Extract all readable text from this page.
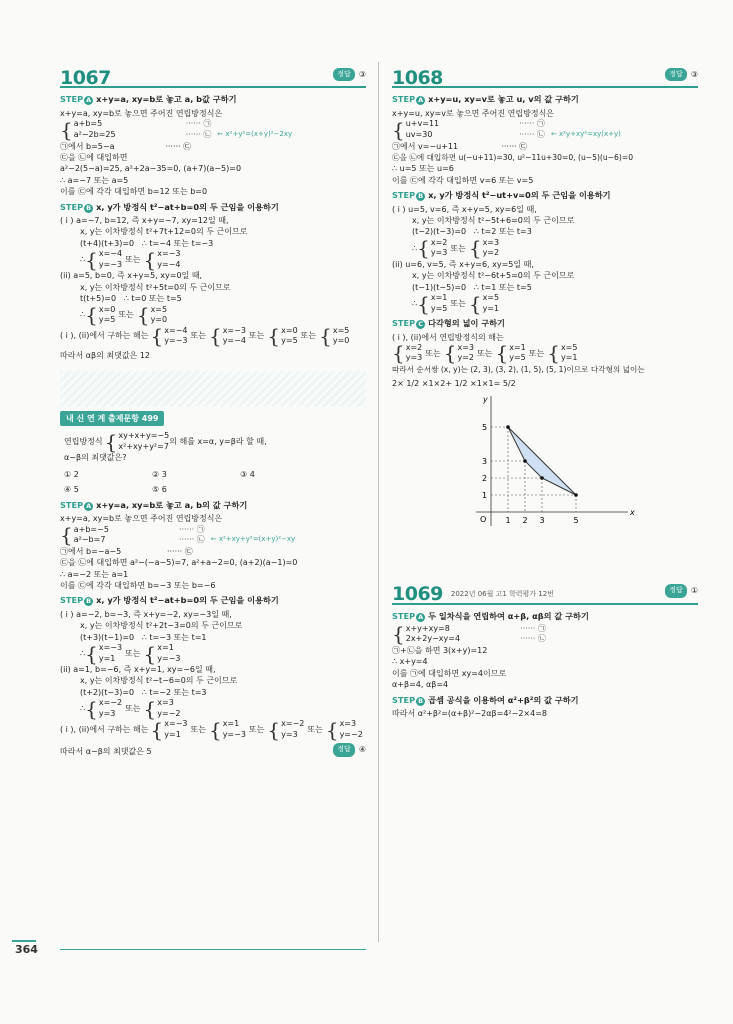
1067	정답	③
STEP A x+y=a, xy=b로 놓고 a, b값 구하기
x+y=a, xy=b로 놓으면 주어진 연립방정식은
{ a+b=5
a²−2b=25
······ ㉠
······ ㉡ ← x²+y²=(x+y)²−2xy
㉠에서 b=5−a                    ······ ㉢
㉢을 ㉡에 대입하면
a²−2(5−a)=25, a²+2a−35=0, (a+7)(a−5)=0
∴ a=−7 또는 a=5
이를 ㉢에 각각 대입하면 b=12 또는 b=0
STEP B x, y가 방정식 t²−at+b=0의 두 근임을 이용하기
( i ) a=−7, b=12, 즉 x+y=−7, xy=12일 때,
x, y는 이차방정식 t²+7t+12=0의 두 근이므로
(t+4)(t+3)=0   ∴ t=−4 또는 t=−3
∴ { x=−4
y=−3
또는 { x=−3
y=−4
(ii) a=5, b=0, 즉 x+y=5, xy=0일 때,
x, y는 이차방정식 t²+5t=0의 두 근이므로
t(t+5)=0   ∴ t=0 또는 t=5
∴ { x=0
y=5
또는 { x=5
y=0
( i ), (ii)에서 구하는 해는 { x=−4
y=−3
또는 { x=−3
y=−4
또는 { x=0
y=5
또는 { x=5
y=0
따라서 αβ의 최댓값은 12
내 신 연 계 출제문항 499
연립방정식 { xy+x+y=−5
x²+xy+y²=7
의 해를 x=α, y=β라 할 때,
α−β의 최댓값은?
① 2	② 3	③ 4
④ 5	⑤ 6
STEP A x+y=a, xy=b로 놓고 a, b의 값 구하기
x+y=a, xy=b로 놓으면 주어진 연립방정식은
{ a+b=−5
a²−b=7
······ ㉠
······ ㉡ ← x²+xy+y²=(x+y)²−xy
㉠에서 b=−a−5                  ······ ㉢
㉢을 ㉡에 대입하면 a²−(−a−5)=7, a²+a−2=0, (a+2)(a−1)=0
∴ a=−2 또는 a=1
이를 ㉢에 각각 대입하면 b=−3 또는 b=−6
STEP B x, y가 방정식 t²−at+b=0의 두 근임을 이용하기
( i ) a=−2, b=−3, 즉 x+y=−2, xy=−3일 때,
x, y는 이차방정식 t²+2t−3=0의 두 근이므로
(t+3)(t−1)=0   ∴ t=−3 또는 t=1
∴ { x=−3
y=1
또는 { x=1
y=−3
(ii) a=1, b=−6, 즉 x+y=1, xy=−6일 때,
x, y는 이차방정식 t²−t−6=0의 두 근이므로
(t+2)(t−3)=0   ∴ t=−2 또는 t=3
∴ { x=−2
y=3
또는 { x=3
y=−2
( i ), (ii)에서 구하는 해는 { x=−3
y=1
또는 { x=1
y=−3
또는 { x=−2
y=3
또는 { x=3
y=−2
따라서 α−β의 최댓값은 5	정답	④
1068	정답	③
STEP A x+y=u, xy=v로 놓고 u, v의 값 구하기
x+y=u, xy=v로 놓으면 주어진 연립방정식은
{ u+v=11
uv=30
······ ㉠
······ ㉡ ← x²y+xy²=xy(x+y)
㉠에서 v=−u+11                 ······ ㉢
㉢을 ㉡에 대입하면 u(−u+11)=30, u²−11u+30=0, (u−5)(u−6)=0
∴ u=5 또는 u=6
이를 ㉢에 각각 대입하면 v=6 또는 v=5
STEP B x, y가 방정식 t²−ut+v=0의 두 근임을 이용하기
( i ) u=5, v=6, 즉 x+y=5, xy=6일 때,
x, y는 이차방정식 t²−5t+6=0의 두 근이므로
(t−2)(t−3)=0   ∴ t=2 또는 t=3
∴ { x=2
y=3
또는 { x=3
y=2
(ii) u=6, v=5, 즉 x+y=6, xy=5일 때,
x, y는 이차방정식 t²−6t+5=0의 두 근이므로
(t−1)(t−5)=0   ∴ t=1 또는 t=5
∴ { x=1
y=5
또는 { x=5
y=1
STEP C 다각형의 넓이 구하기
( i ), (ii)에서 연립방정식의 해는
{ x=2
y=3
또는 { x=3
y=2
또는 { x=1
y=5
또는 { x=5
y=1
따라서 순서쌍 (x, y)는 (2, 3), (3, 2), (1, 5), (5, 1)이므로 다각형의 넓이는
2× 1/2 ×1×2+ 1/2 ×1×1= 5/2
x
y
O 1 2 3	5
1
2
3
5
1069 2022년 06월 고1 학력평가 12번	정답	①
STEP A 두 일차식을 연립하여 α+β, αβ의 값 구하기
{ x+y+xy=8
2x+2y−xy=4
······ ㉠
······ ㉡
㉠+㉡을 하면 3(x+y)=12
∴ x+y=4
이를 ㉠에 대입하면 xy=4이므로
α+β=4, αβ=4
STEP B 곱셈 공식을 이용하여 α²+β²의 값 구하기
따라서 α²+β²=(α+β)²−2αβ=4²−2×4=8
364
